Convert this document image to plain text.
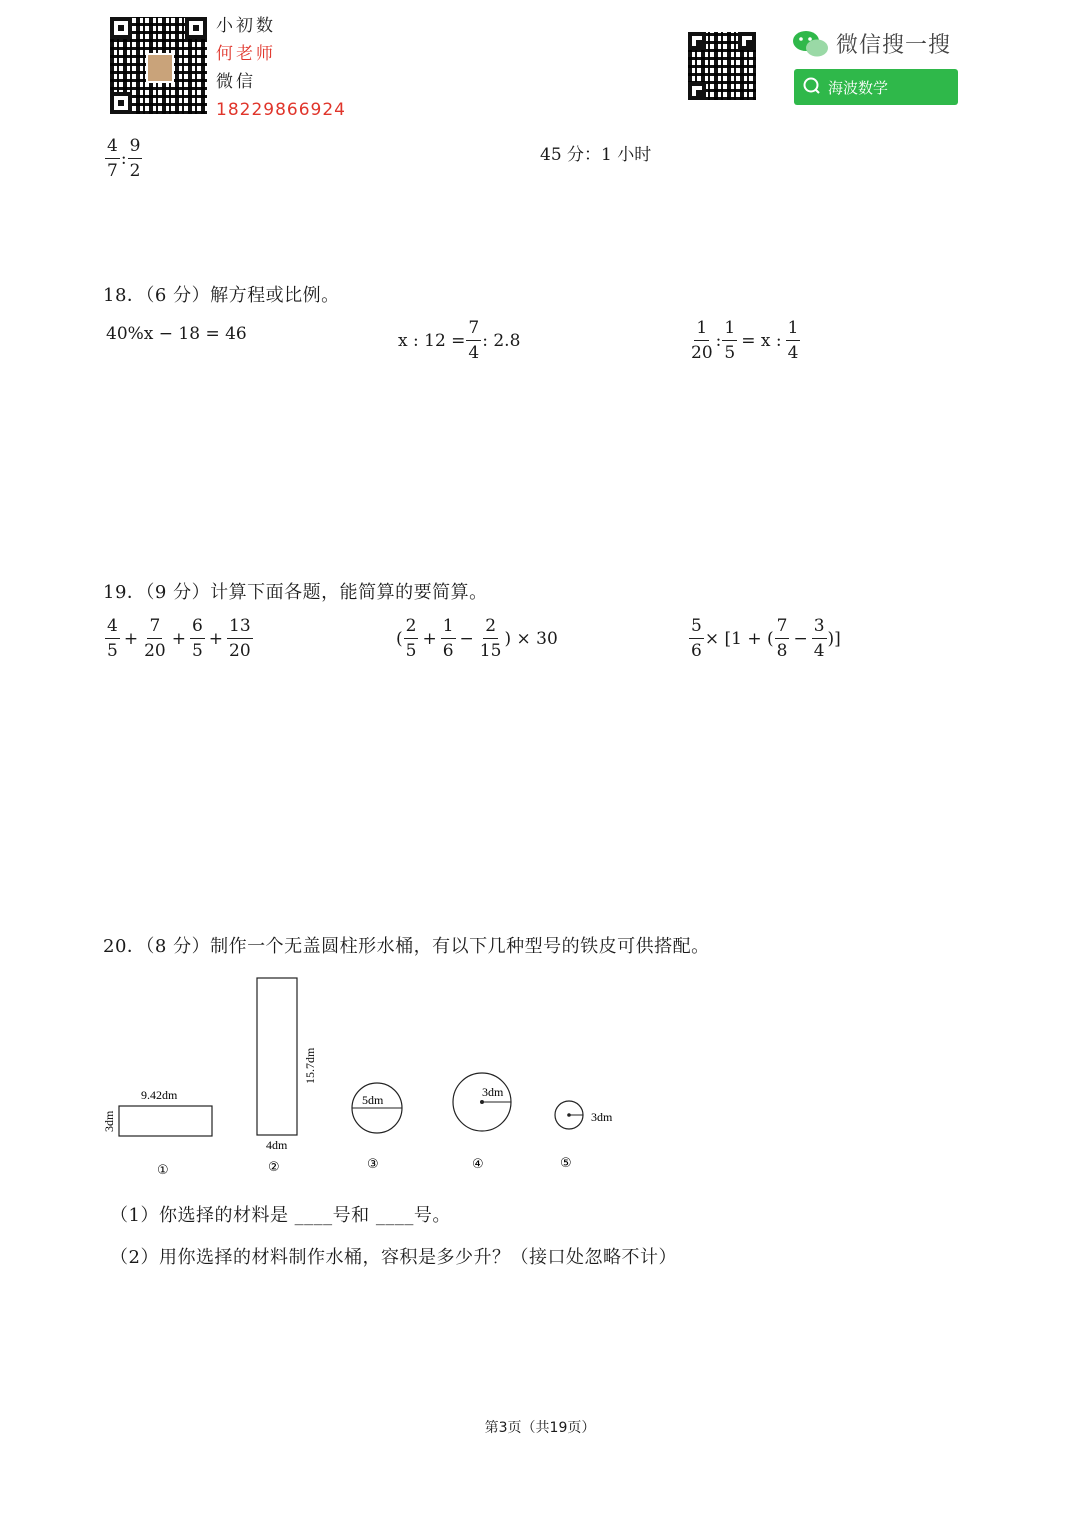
小初数
何老师
微信
18229866924
微信搜一搜
海波数学
$\frac{4}{7}$ : $\frac{9}{2}$	45 分：1 小时
18．（6 分）解方程或比例。
40%x − 18 = 46	x : $12 = \frac{7}{4}$ : 2.8	$\frac{1}{20}$ : $\frac{1}{5} = x$ : $\frac{1}{4}$
19．（9 分）计算下面各题，能简算的要简算。
$\frac{4}{5} + \frac{7}{20} + \frac{6}{5} + \frac{13}{20}$	( $\frac{2}{5} + \frac{1}{6} - \frac{2}{15}$ ) × 30	$\frac{5}{6} \times [1$ + ( $\frac{7}{8} - \frac{3}{4}$ )]
20．（8 分）制作一个无盖圆柱形水桶，有以下几种型号的铁皮可供搭配。
9.42dm
3dm
①
15.7dm
4dm
②
5dm
③
3dm
④
3dm
⑤
（1）你选择的材料是 ____号和 ____号。
（2）用你选择的材料制作水桶，容积是多少升？（接口处忽略不计）
第3页（共19页）
